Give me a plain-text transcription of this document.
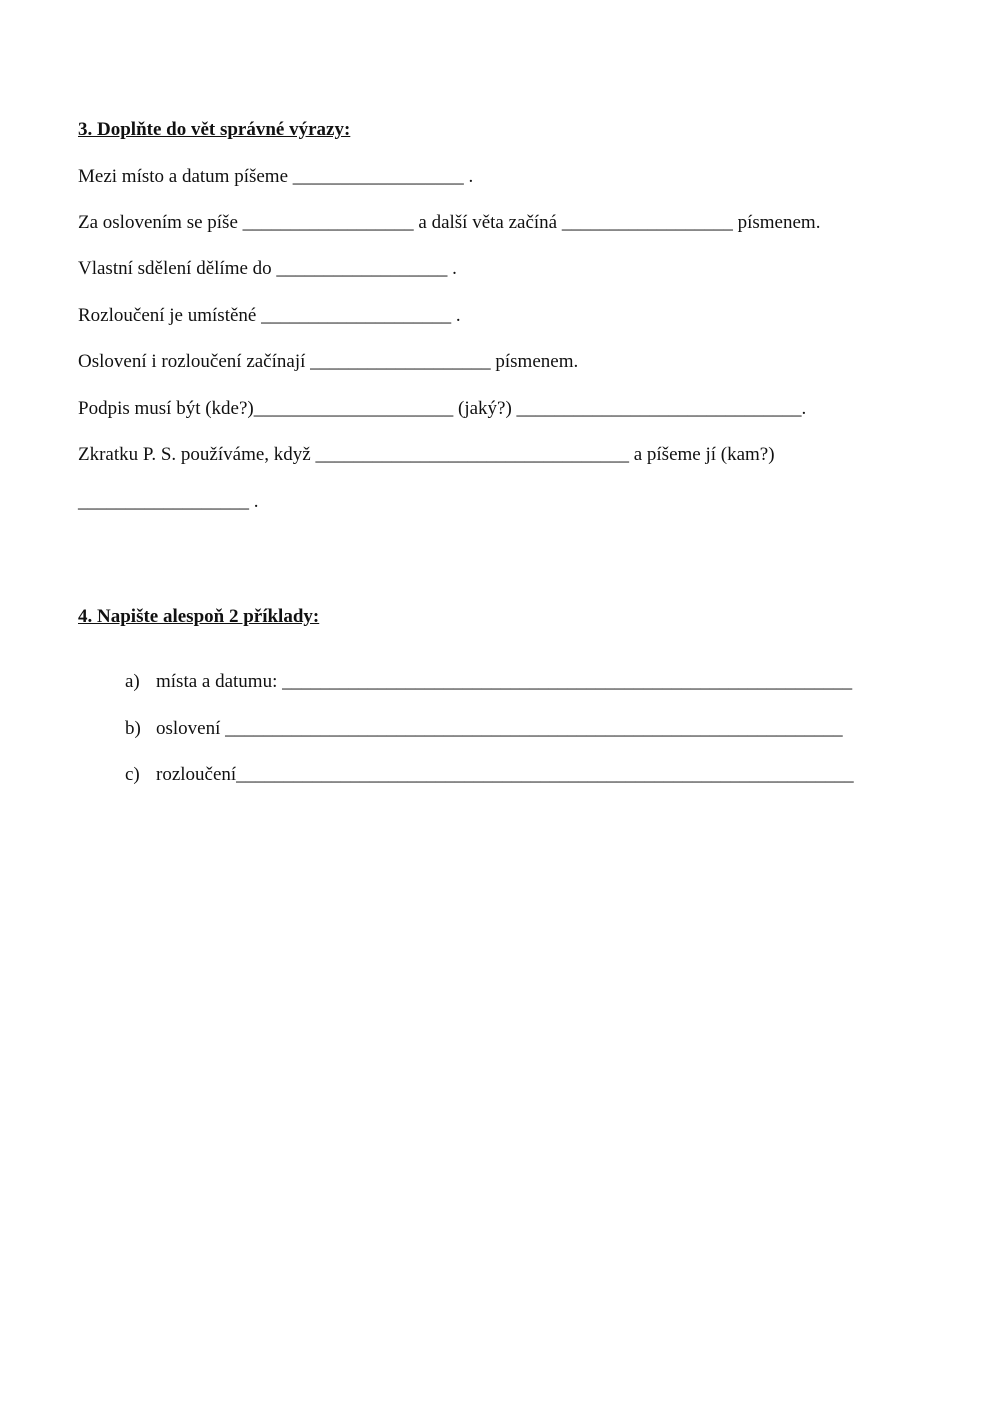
3. Doplňte do vět správné výrazy:
Mezi místo a datum píšeme __________________ .
Za oslovením se píše __________________ a další věta začíná __________________ písmenem.
Vlastní sdělení dělíme do __________________ .
Rozloučení je umístěné ____________________ .
Oslovení i rozloučení začínají ___________________ písmenem.
Podpis musí být (kde?)_____________________ (jaký?) ______________________________.
Zkratku P. S. používáme, když _________________________________ a píšeme jí (kam?)
__________________ .
4. Napište alespoň 2 příklady:

a) místa a datumu: ____________________________________________________________

b) oslovení _________________________________________________________________

c) rozloučení_________________________________________________________________
